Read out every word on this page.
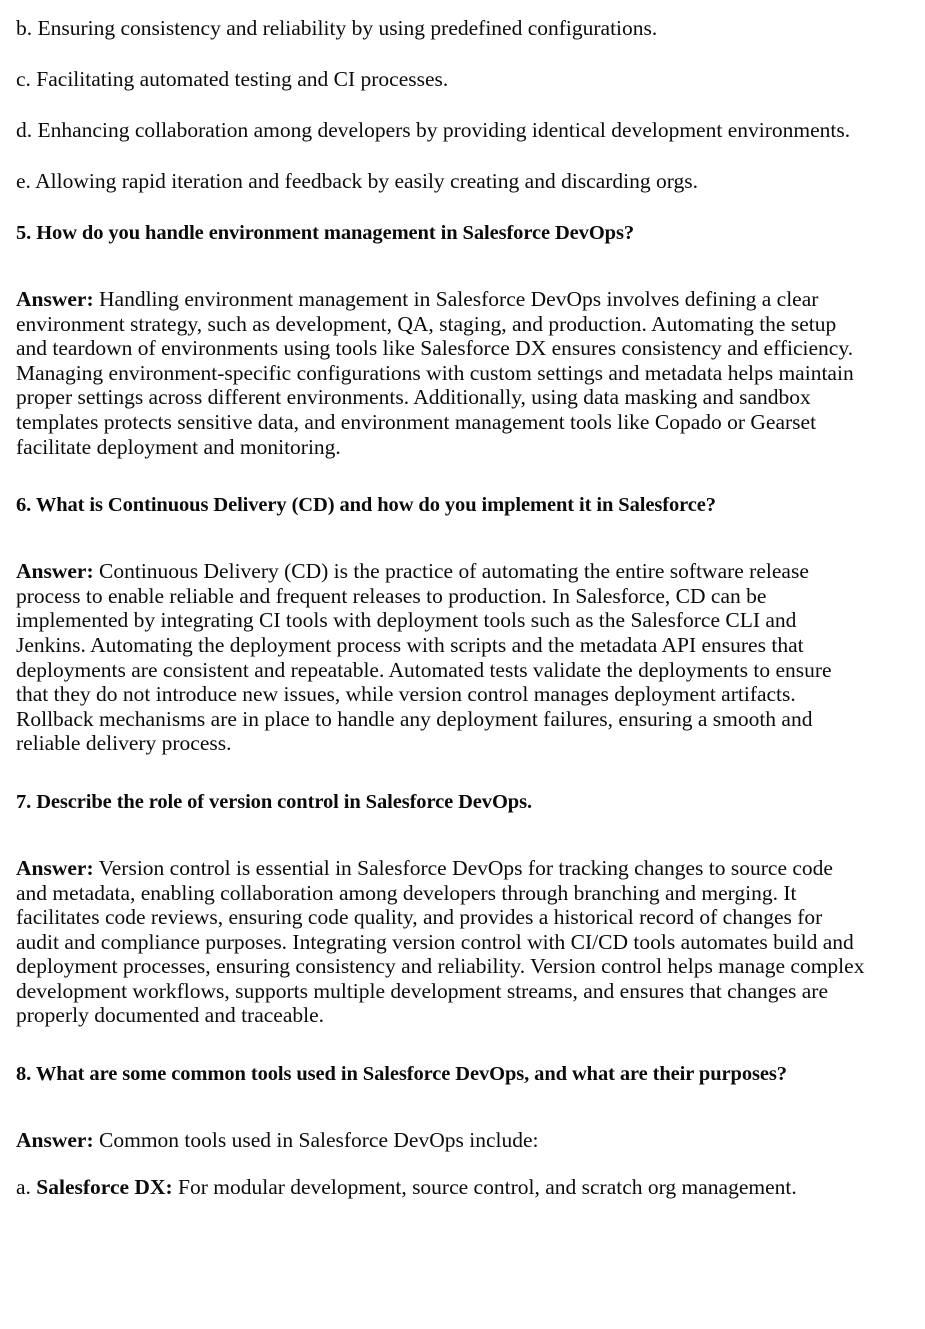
b. Ensuring consistency and reliability by using predefined configurations.

c. Facilitating automated testing and CI processes.

d. Enhancing collaboration among developers by providing identical development environments.

e. Allowing rapid iteration and feedback by easily creating and discarding orgs.

5. How do you handle environment management in Salesforce DevOps?

Answer: Handling environment management in Salesforce DevOps involves defining a clear environment strategy, such as development, QA, staging, and production. Automating the setup and teardown of environments using tools like Salesforce DX ensures consistency and efficiency. Managing environment-specific configurations with custom settings and metadata helps maintain proper settings across different environments. Additionally, using data masking and sandbox templates protects sensitive data, and environment management tools like Copado or Gearset facilitate deployment and monitoring.

6. What is Continuous Delivery (CD) and how do you implement it in Salesforce?

Answer: Continuous Delivery (CD) is the practice of automating the entire software release process to enable reliable and frequent releases to production. In Salesforce, CD can be implemented by integrating CI tools with deployment tools such as the Salesforce CLI and Jenkins. Automating the deployment process with scripts and the metadata API ensures that deployments are consistent and repeatable. Automated tests validate the deployments to ensure that they do not introduce new issues, while version control manages deployment artifacts. Rollback mechanisms are in place to handle any deployment failures, ensuring a smooth and reliable delivery process.

7. Describe the role of version control in Salesforce DevOps.

Answer: Version control is essential in Salesforce DevOps for tracking changes to source code and metadata, enabling collaboration among developers through branching and merging. It facilitates code reviews, ensuring code quality, and provides a historical record of changes for audit and compliance purposes. Integrating version control with CI/CD tools automates build and deployment processes, ensuring consistency and reliability. Version control helps manage complex development workflows, supports multiple development streams, and ensures that changes are properly documented and traceable.

8. What are some common tools used in Salesforce DevOps, and what are their purposes?

Answer: Common tools used in Salesforce DevOps include:

a. Salesforce DX: For modular development, source control, and scratch org management.
